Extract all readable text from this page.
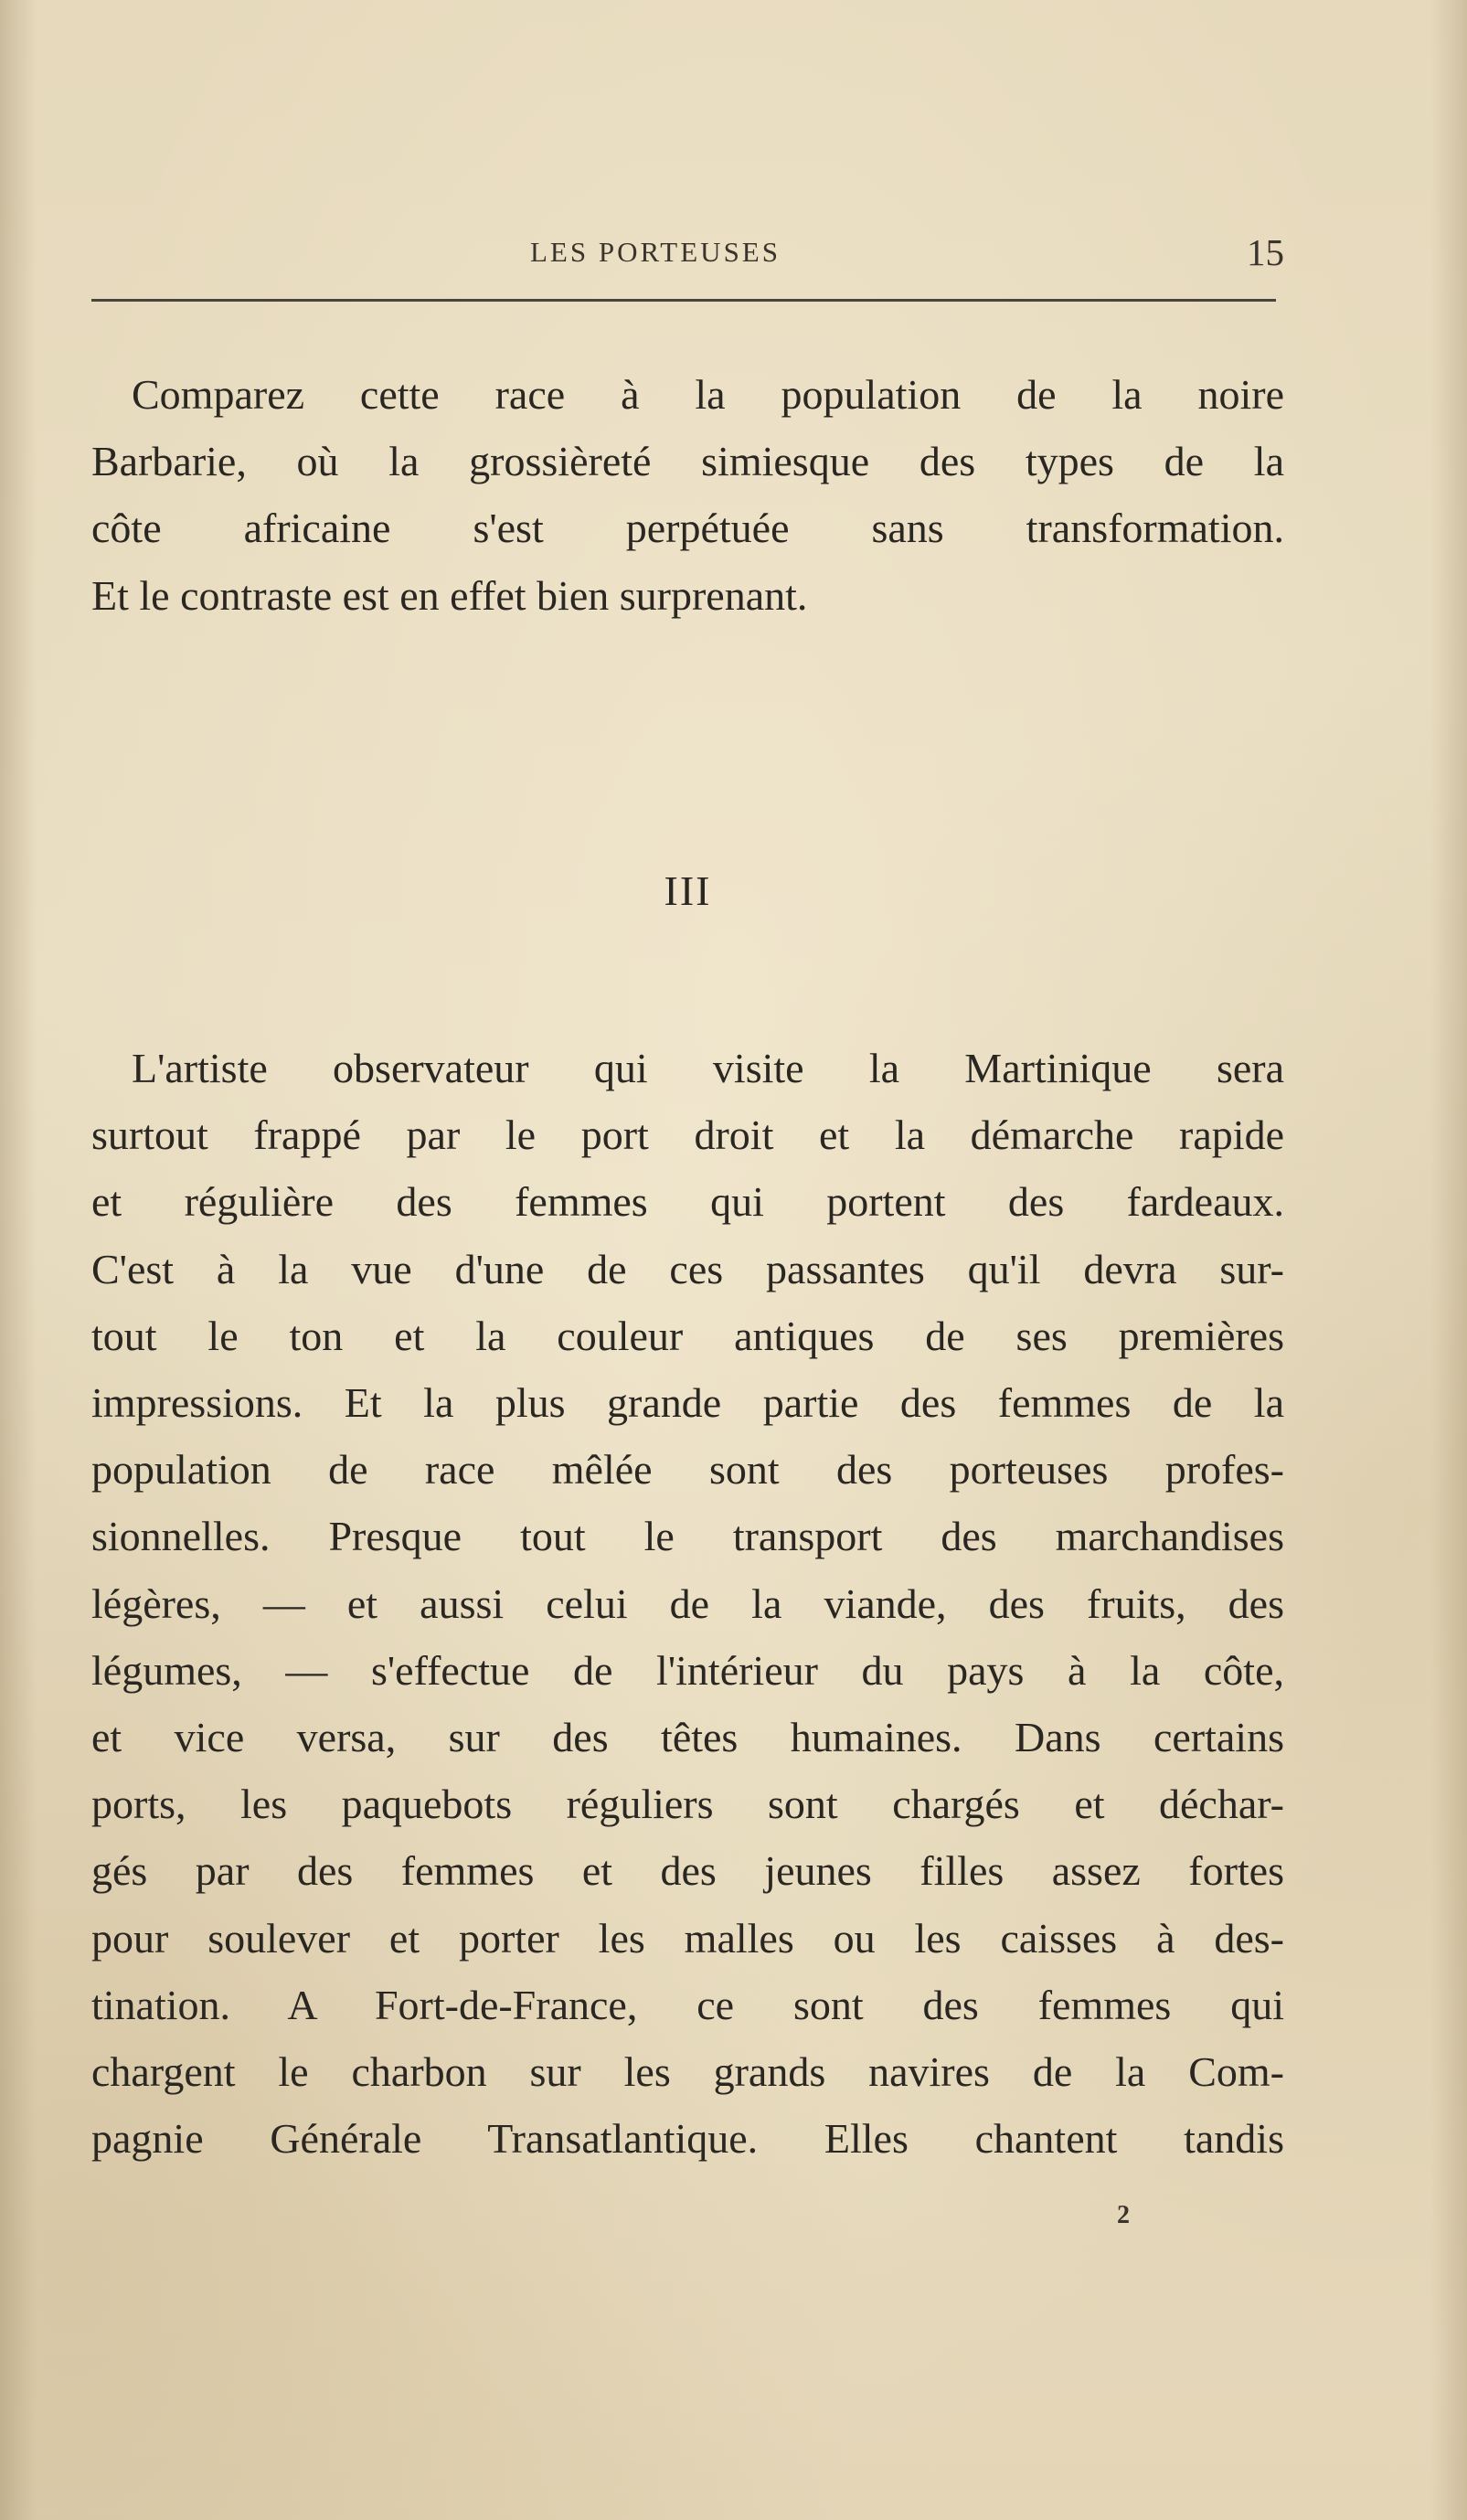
LES PORTEUSES	15
Comparez cette race à la population de la noire
Barbarie, où la grossièreté simiesque des types de la
côte africaine s'est perpétuée sans transformation.
Et le contraste est en effet bien surprenant.
III
L'artiste observateur qui visite la Martinique sera
surtout frappé par le port droit et la démarche rapide
et régulière des femmes qui portent des fardeaux.
C'est à la vue d'une de ces passantes qu'il devra sur-
tout le ton et la couleur antiques de ses premières
impressions. Et la plus grande partie des femmes de la
population de race mêlée sont des porteuses profes-
sionnelles. Presque tout le transport des marchandises
légères, — et aussi celui de la viande, des fruits, des
légumes, — s'effectue de l'intérieur du pays à la côte,
et vice versa, sur des têtes humaines. Dans certains
ports, les paquebots réguliers sont chargés et déchar-
gés par des femmes et des jeunes filles assez fortes
pour soulever et porter les malles ou les caisses à des-
tination. A Fort-de-France, ce sont des femmes qui
chargent le charbon sur les grands navires de la Com-
pagnie Générale Transatlantique. Elles chantent tandis
2
